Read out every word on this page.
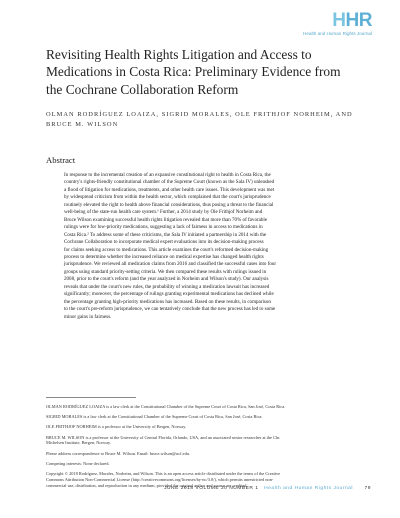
HHR
Health and Human Rights Journal
Revisiting Health Rights Litigation and Access to
Medications in Costa Rica: Preliminary Evidence from
the Cochrane Collaboration Reform
OLMAN RODRÍGUEZ LOAIZA, SIGRID MORALES, OLE FRITHJOF NORHEIM, AND
BRUCE M. WILSON
Abstract
In response to the incremental creation of an expansive constitutional right to health in Costa Rica, the
country's rights-friendly constitutional chamber of the Supreme Court (known as the Sala IV) unleashed
a flood of litigation for medications, treatments, and other health care issues. This development was met
by widespread criticism from within the health sector, which complained that the court's jurisprudence
routinely elevated the right to health above financial considerations, thus posing a threat to the financial
well-being of the state-run health care system.¹ Further, a 2014 study by Ole Frithjof Norheim and
Bruce Wilson examining successful health rights litigation revealed that more than 70% of favorable
rulings were for low-priority medications, suggesting a lack of fairness in access to medications in
Costa Rica.² To address some of these criticisms, the Sala IV initiated a partnership in 2014 with the
Cochrane Collaboration to incorporate medical expert evaluations into its decision-making process
for claims seeking access to medications. This article examines the court's reformed decision-making
process to determine whether the increased reliance on medical expertise has changed health rights
jurisprudence. We reviewed all medication claims from 2016 and classified the successful cases into four
groups using standard priority-setting criteria. We then compared these results with rulings issued in
2008, prior to the court's reform (and the year analyzed in Norheim and Wilson's study). Our analysis
reveals that under the court's new rules, the probability of winning a medication lawsuit has increased
significantly; moreover, the percentage of rulings granting experimental medications has declined while
the percentage granting high-priority medications has increased. Based on these results, in comparison
to the court's pre-reform jurisprudence, we can tentatively conclude that the new process has led to some
minor gains in fairness.
OLMAN RODRÍGUEZ LOAIZA is a law clerk at the Constitutional Chamber of the Supreme Court of Costa Rica, San José, Costa Rica.
SIGRID MORALES is a law clerk at the Constitutional Chamber of the Supreme Court of Costa Rica, San José, Costa Rica.
OLE FRITHJOF NORHEIM is a professor at the University of Bergen, Norway.
BRUCE M. WILSON is a professor at the University of Central Florida, Orlando, USA, and an associated senior researcher at the Chr.
Michelsen Institute, Bergen, Norway.
Please address correspondence to Bruce M. Wilson. Email: bruce.wilson@ucf.edu.
Competing interests: None declared.
Copyright © 2018 Rodríguez, Morales, Norheim, and Wilson. This is an open access article distributed under the terms of the Creative
Commons Attribution Non-Commercial License (http://creativecommons.org/licenses/by-nc/3.0/), which permits unrestricted non-
commercial use, distribution, and reproduction in any medium, provided the original author and source are credited.
JUNE 2018 VOLUME 20 NUMBER 1 Health and Human Rights Journal 79
